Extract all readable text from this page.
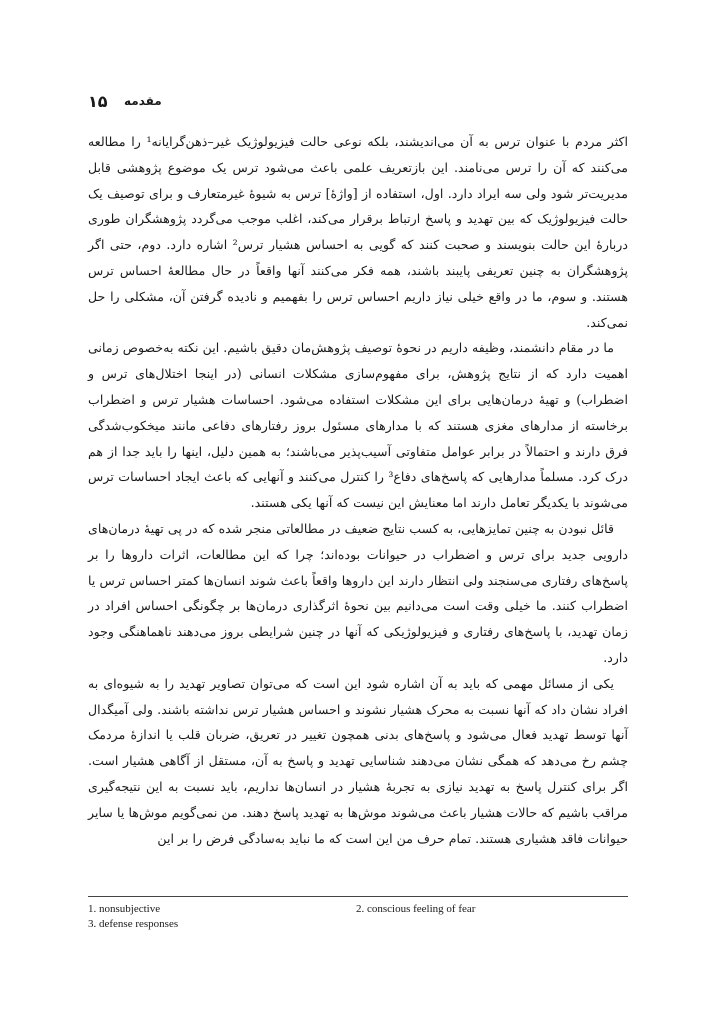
۱۵ مقدمه

اکثر مردم با عنوان ترس به آن می‌اندیشند، بلکه نوعی حالت فیزیولوژیک غیر–ذهن‌گرایانه¹ را مطالعه می‌کنند که آن را ترس می‌نامند. این بازتعریف علمی باعث می‌شود ترس یک موضوع پژوهشی قابل مدیریت‌تر شود ولی سه ایراد دارد. اول، استفاده از [واژهٔ] ترس به شیوهٔ غیرمتعارف و برای توصیف یک حالت فیزیولوژیک که بین تهدید و پاسخ ارتباط برقرار می‌کند، اغلب موجب می‌گردد پژوهشگران طوری دربارهٔ این حالت بنویسند و صحبت کنند که گویی به احساس هشیار ترس² اشاره دارد. دوم، حتی اگر پژوهشگران به چنین تعریفی پایبند باشند، همه فکر می‌کنند آنها واقعاً در حال مطالعهٔ احساس ترس هستند. و سوم، ما در واقع خیلی نیاز داریم احساس ترس را بفهمیم و نادیده گرفتن آن، مشکلی را حل نمی‌کند.

ما در مقام دانشمند، وظیفه داریم در نحوهٔ توصیف پژوهش‌مان دقیق باشیم. این نکته به‌خصوص زمانی اهمیت دارد که از نتایج پژوهش، برای مفهوم‌سازی مشکلات انسانی (در اینجا اختلال‌های ترس و اضطراب) و تهیهٔ درمان‌هایی برای این مشکلات استفاده می‌شود. احساسات هشیار ترس و اضطراب برخاسته از مدارهای مغزی هستند که با مدارهای مسئول بروز رفتارهای دفاعی مانند میخکوب‌شدگی فرق دارند و احتمالاً در برابر عوامل متفاوتی آسیب‌پذیر می‌باشند؛ به همین دلیل، اینها را باید جدا از هم درک کرد. مسلماً مدارهایی که پاسخ‌های دفاع³ را کنترل می‌کنند و آنهایی که باعث ایجاد احساسات ترس می‌شوند با یکدیگر تعامل دارند اما معنایش این نیست که آنها یکی هستند.

قائل نبودن به چنین تمایزهایی، به کسب نتایج ضعیف در مطالعاتی منجر شده که در پی تهیهٔ درمان‌های دارویی جدید برای ترس و اضطراب در حیوانات بوده‌اند؛ چرا که این مطالعات، اثرات داروها را بر پاسخ‌های رفتاری می‌سنجند ولی انتظار دارند این داروها واقعاً باعث شوند انسان‌ها کمتر احساس ترس یا اضطراب کنند. ما خیلی وقت است می‌دانیم بین نحوهٔ اثرگذاری درمان‌ها بر چگونگی احساس افراد در زمان تهدید، با پاسخ‌های رفتاری و فیزیولوژیکی که آنها در چنین شرایطی بروز می‌دهند ناهماهنگی وجود دارد.

یکی از مسائل مهمی که باید به آن اشاره شود این است که می‌توان تصاویر تهدید را به شیوه‌ای به افراد نشان داد که آنها نسبت به محرک هشیار نشوند و احساس هشیار ترس نداشته باشند. ولی آمیگدال آنها توسط تهدید فعال می‌شود و پاسخ‌های بدنی همچون تغییر در تعریق، ضربان قلب یا اندازهٔ مردمک چشم رخ می‌دهد که همگی نشان می‌دهند شناسایی تهدید و پاسخ به آن، مستقل از آگاهی هشیار است. اگر برای کنترل پاسخ به تهدید نیازی به تجربهٔ هشیار در انسان‌ها نداریم، باید نسبت به این نتیجه‌گیری مراقب باشیم که حالات هشیار باعث می‌شوند موش‌ها به تهدید پاسخ دهند. من نمی‌گویم موش‌ها یا سایر حیوانات فاقد هشیاری هستند. تمام حرف من این است که ما نباید به‌سادگی فرض را بر این

1. nonsubjective	2. conscious feeling of fear
3. defense responses
